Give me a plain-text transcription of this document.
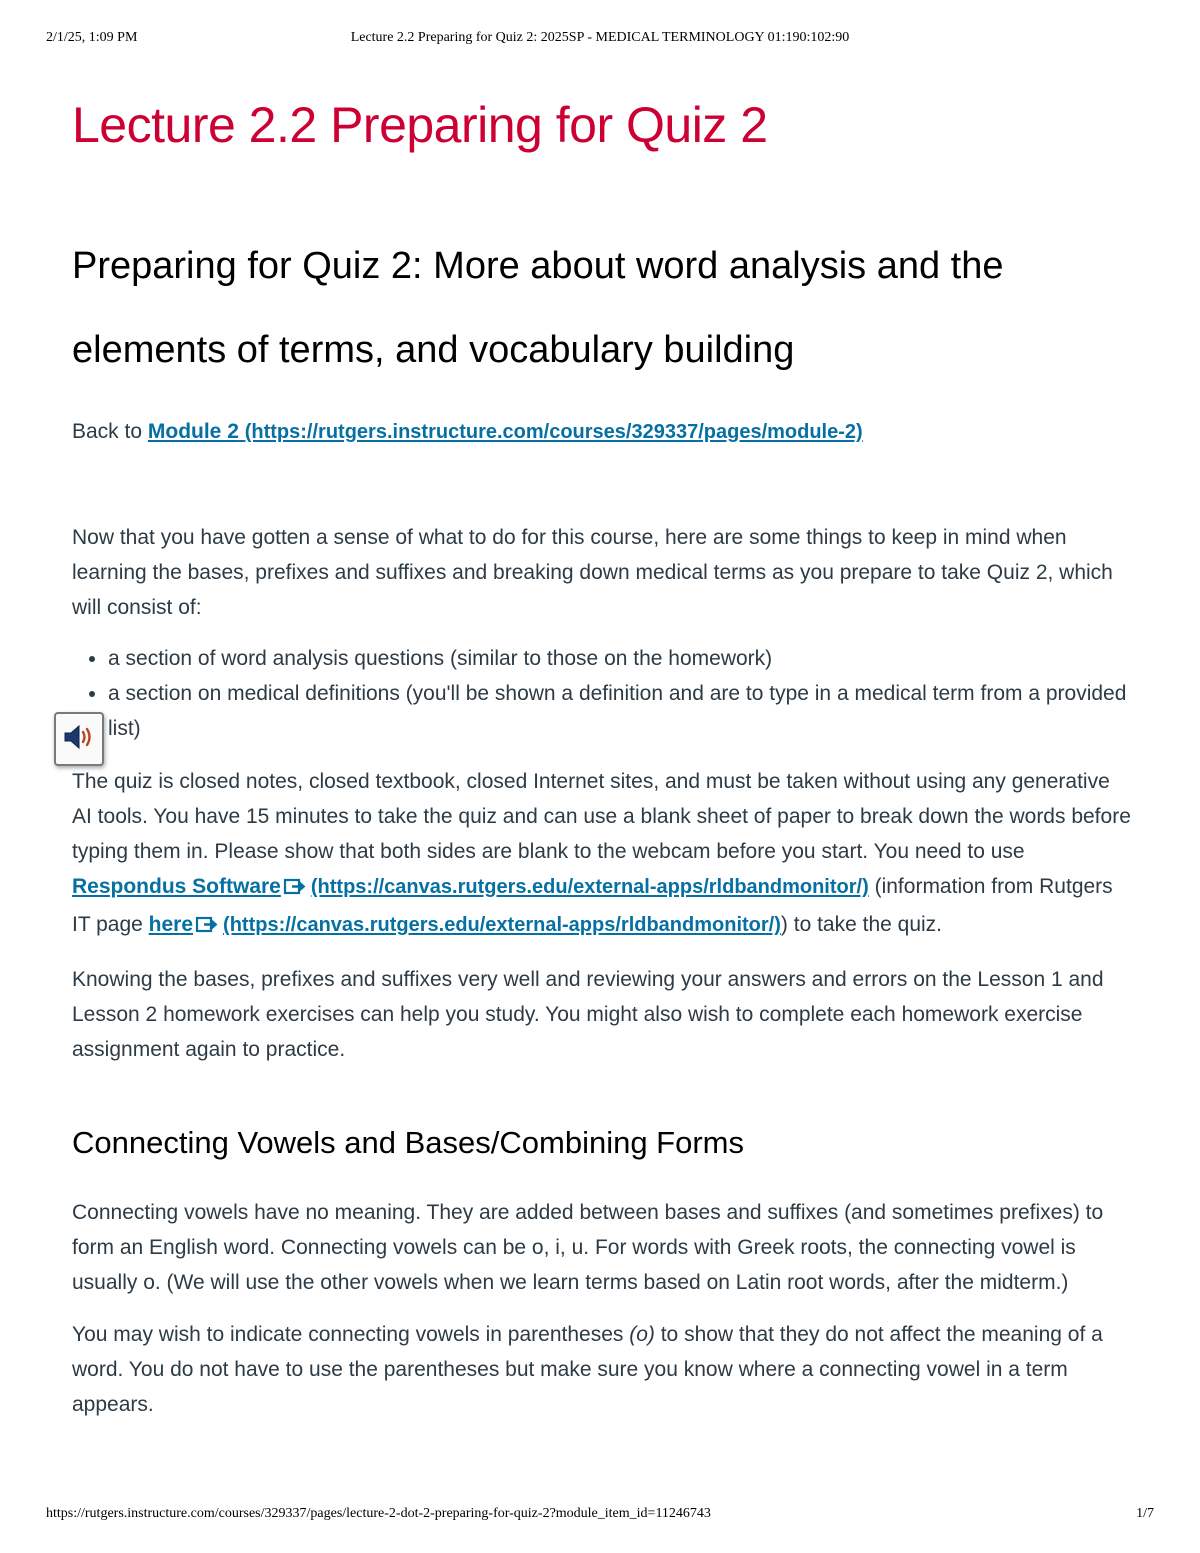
2/1/25, 1:09 PM	Lecture 2.2 Preparing for Quiz 2: 2025SP - MEDICAL TERMINOLOGY 01:190:102:90
Lecture 2.2 Preparing for Quiz 2
Preparing for Quiz 2: More about word analysis and the elements of terms, and vocabulary building

Back to Module 2 (https://rutgers.instructure.com/courses/329337/pages/module-2)

Now that you have gotten a sense of what to do for this course, here are some things to keep in mind when learning the bases, prefixes and suffixes and breaking down medical terms as you prepare to take Quiz 2, which will consist of:

• a section of word analysis questions (similar to those on the homework)
• a section on medical definitions (you'll be shown a definition and are to type in a medical term from a provided list)

The quiz is closed notes, closed textbook, closed Internet sites, and must be taken without using any generative AI tools. You have 15 minutes to take the quiz and can use a blank sheet of paper to break down the words before typing them in. Please show that both sides are blank to the webcam before you start. You need to use Respondus Software (https://canvas.rutgers.edu/external-apps/rldbandmonitor/) (information from Rutgers IT page here (https://canvas.rutgers.edu/external-apps/rldbandmonitor/)) to take the quiz.

Knowing the bases, prefixes and suffixes very well and reviewing your answers and errors on the Lesson 1 and Lesson 2 homework exercises can help you study. You might also wish to complete each homework exercise assignment again to practice.

Connecting Vowels and Bases/Combining Forms

Connecting vowels have no meaning. They are added between bases and suffixes (and sometimes prefixes) to form an English word. Connecting vowels can be o, i, u. For words with Greek roots, the connecting vowel is usually o. (We will use the other vowels when we learn terms based on Latin root words, after the midterm.)

You may wish to indicate connecting vowels in parentheses (o) to show that they do not affect the meaning of a word. You do not have to use the parentheses but make sure you know where a connecting vowel in a term appears.

https://rutgers.instructure.com/courses/329337/pages/lecture-2-dot-2-preparing-for-quiz-2?module_item_id=11246743	1/7
